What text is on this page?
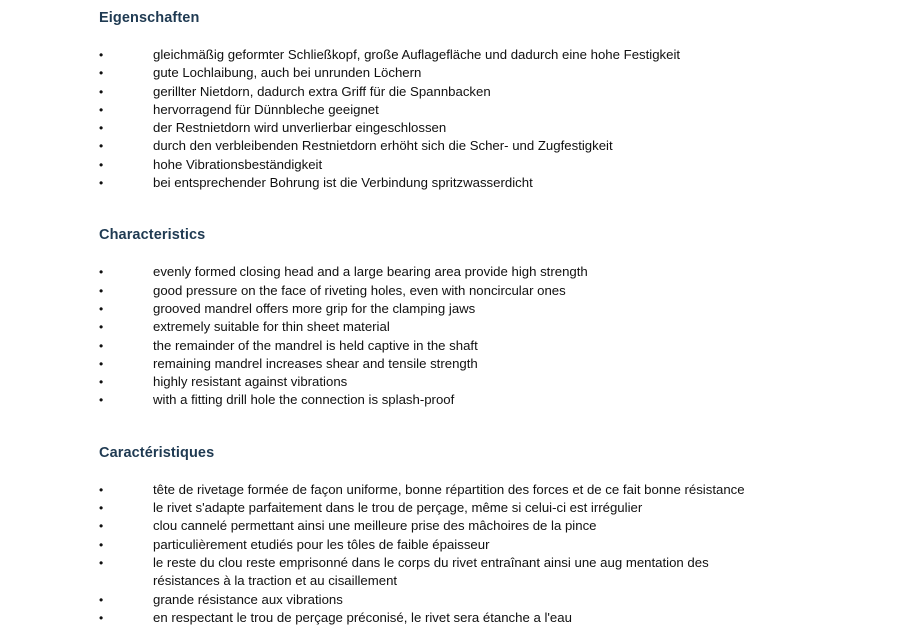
Eigenschaften
•	gleichmäßig geformter Schließkopf, große Auflagefläche und dadurch eine hohe Festigkeit
•	gute Lochlaibung, auch bei unrunden Löchern
•	gerillter Nietdorn, dadurch extra Griff für die Spannbacken
•	hervorragend für Dünnbleche geeignet
•	der Restnietdorn wird unverlierbar eingeschlossen
•	durch den verbleibenden Restnietdorn erhöht sich die Scher- und Zugfestigkeit
•	hohe Vibrationsbeständigkeit
•	bei entsprechender Bohrung ist die Verbindung spritzwasserdicht
Characteristics
•	evenly formed closing head and a large bearing area provide high strength
•	good pressure on the face of riveting holes, even with noncircular ones
•	grooved mandrel offers more grip for the clamping jaws
•	extremely suitable for thin sheet material
•	the remainder of the mandrel is held captive in the shaft
•	remaining mandrel increases shear and tensile strength
•	highly resistant against vibrations
•	with a fitting drill hole the connection is splash-proof
Caractéristiques
•	tête de rivetage formée de façon uniforme, bonne répartition des forces et de ce fait bonne résistance
•	le rivet s'adapte parfaitement dans le trou de perçage, même si celui-ci est irrégulier
•	clou cannelé permettant ainsi une meilleure prise des mâchoires de la pince
•	particulièrement etudiés pour les tôles de faible épaisseur
•	le reste du clou reste emprisonné dans le corps du rivet entraînant ainsi une aug mentation des résistances à la traction et au cisaillement
•	grande résistance aux vibrations
•	en respectant le trou de perçage préconisé, le rivet sera étanche a l'eau
